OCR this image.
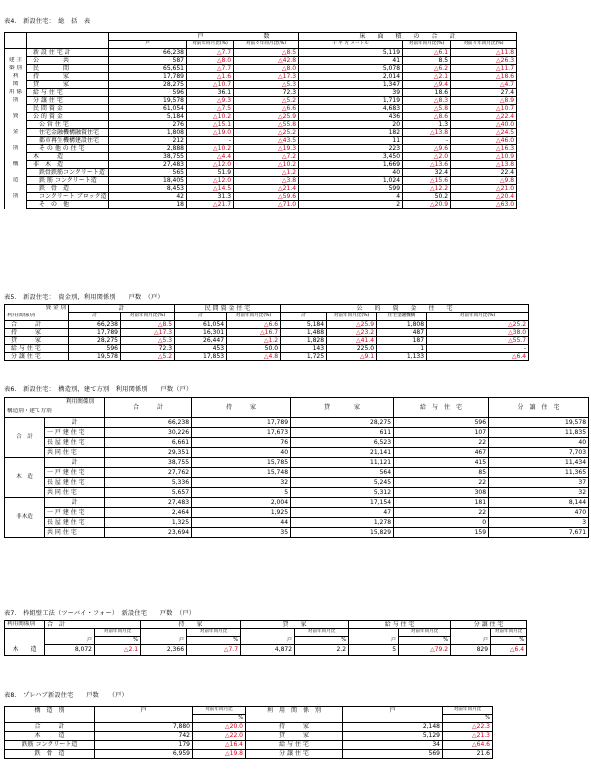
表4.　新設住宅：　総　括　表
		戸		数	床　　面　　積　　の　　合　　計		
		戸	対前年同月比(%)	対前々年同月比(%)	千 平 方 メートル	対前年同月比(%)	対前々年同月比(%)
	新 設 住 宅 計	66,238	△7.7	△8.5	5,119	△6.1	△11.8
建 主	公　　　　共	587	△8.0	△42.8	41	8.5	△26.3
築 別	民　　　　間	65,651	△7.7	△8.0	5,078	△6.2	△11.7
利	持　　　　家	17,789	△1.6	△17.3	2,014	△2.1	△18.6
関	貸　　　　家	28,275	△10.7	△5.3	1,347	△9.4	△4.7
用 係	給 与 住 宅	596	36.1	72.3	39	18.6	27.4
別	分 譲 住 宅	19,578	△9.3	△5.2	1,719	△8.3	△8.9
	民 間 資 金	61,054	△7.5	△6.6	4,683	△5.8	△10.7
資	公 的 資 金	5,184	△10.2	△25.9	436	△8.6	△22.4
	公 営 住 宅	276	△15.1	△55.8	20	1.3	△40.0
金	住宅金融機構融資住宅	1,808	△19.0	△25.2	182	△13.8	△24.5
	都市再生機構建設住宅	212	-	△43.5	11	-	△46.0
別	そ の 他 の 住 宅	2,888	△10.2	△19.3	223	△9.6	△16.3
	木　　　造	38,755	△4.4	△7.2	3,450	△2.0	△10.9
構	非　木　造	27,483	△12.0	△10.2	1,669	△13.6	△13.8
	鉄骨鉄筋コンクリート造	565	51.9	△1.2	40	32.4	22.4
造	鉄 筋 コンクリート造	18,405	△12.0	△3.8	1,024	△15.6	△9.8
	鉄　骨　造	8,453	△14.5	△21.4	599	△12.2	△21.0
別	コンクリート ブロック造	42	31.3	△59.6	4	50.2	△20.4
	そ　の　他	18	△21.7	△71.0	2	△20.9	△63.0
表5.　新設住宅：　資金別，利用関係別　　戸数　（戸）
資 金 別	計		民 間 資 金 住 宅		公　　的　　資　　金　　住　　宅				
利用関係別	計	対前年同月比(%)	計	対前年同月比(%)	計	対前年同月比(%)	住宅金融機構	対前年同月比(%)	
合　　　計	66,238	△8.5	61,054	△6.6	5,184	△25.9	1,808	△25.2	
持　　　家	17,789	△17.3	16,301	△16.7	1,488	△23.2	487	△38.0	
貸　　　家	28,275	△5.3	26,447	△1.2	1,828	△41.4	187	△55.7	
給 与 住 宅	596	72.3	453	50.0	143	225.0	1	-	
分 譲 住 宅	19,578	△5.2	17,853	△4.8	1,725	△9.1	1,133	△6.4	
表6.　新設住宅：　構造別，建て方別　利用関係別　　戸数（戸）
利用関係別		合　　　計	持　　　家	貸　　　　家	給　与　住　宅	分　譲　住　宅
構造別・建て方別						
合　計	計	66,238	17,789	28,275	596	19,578
	一 戸 建 住 宅	30,226	17,673	611	107	11,835
	長 屋 建 住 宅	6,661	76	6,523	22	40
	共 同 住 宅	29,351	40	21,141	467	7,703
木　造	計	38,755	15,785	11,121	415	11,434
	一 戸 建 住 宅	27,762	15,748	564	85	11,365
	長 屋 建 住 宅	5,336	32	5,245	22	37
	共 同 住 宅	5,657	5	5,312	308	32
非木造	計	27,483	2,004	17,154	181	8,144
	一 戸 建 住 宅	2,464	1,925	47	22	470
	長 屋 建 住 宅	1,325	44	1,278	0	3
	共 同 住 宅	23,694	35	15,829	159	7,671
表7.　枠組壁工法（ツーバイ・フォー）　新設住宅　　戸数　（戸）
利用関係別	合　計		持　　家		貸　　家		給 与 住 宅		分 譲 住 宅	
		対前年同月比		対前年同月比		対前年同月比		対前年同月比		対前年同月比
	戸	%	戸	%	戸	%	戸	%	戸	%
木　　造	8,072	△2.1	2,366	△7.7	4,872	2.2	5	△79.2	829	△6.4
表8.　プレハブ新設住宅　　戸数　　（戸）
構　造　別	戸	対前年同月比	利　用　関　係　別	戸	対前年同月比
		%			%
合　　　計	7,880	△20.0	持　　　家	2,148	△22.3
木　　　造	742	△22.0	貸　　　家	5,129	△21.3
鉄筋 コンクリート造	179	△16.4	給 与 住 宅	34	△64.6
鉄　骨　造	6,959	△19.8	分 譲 住 宅	569	21.6
